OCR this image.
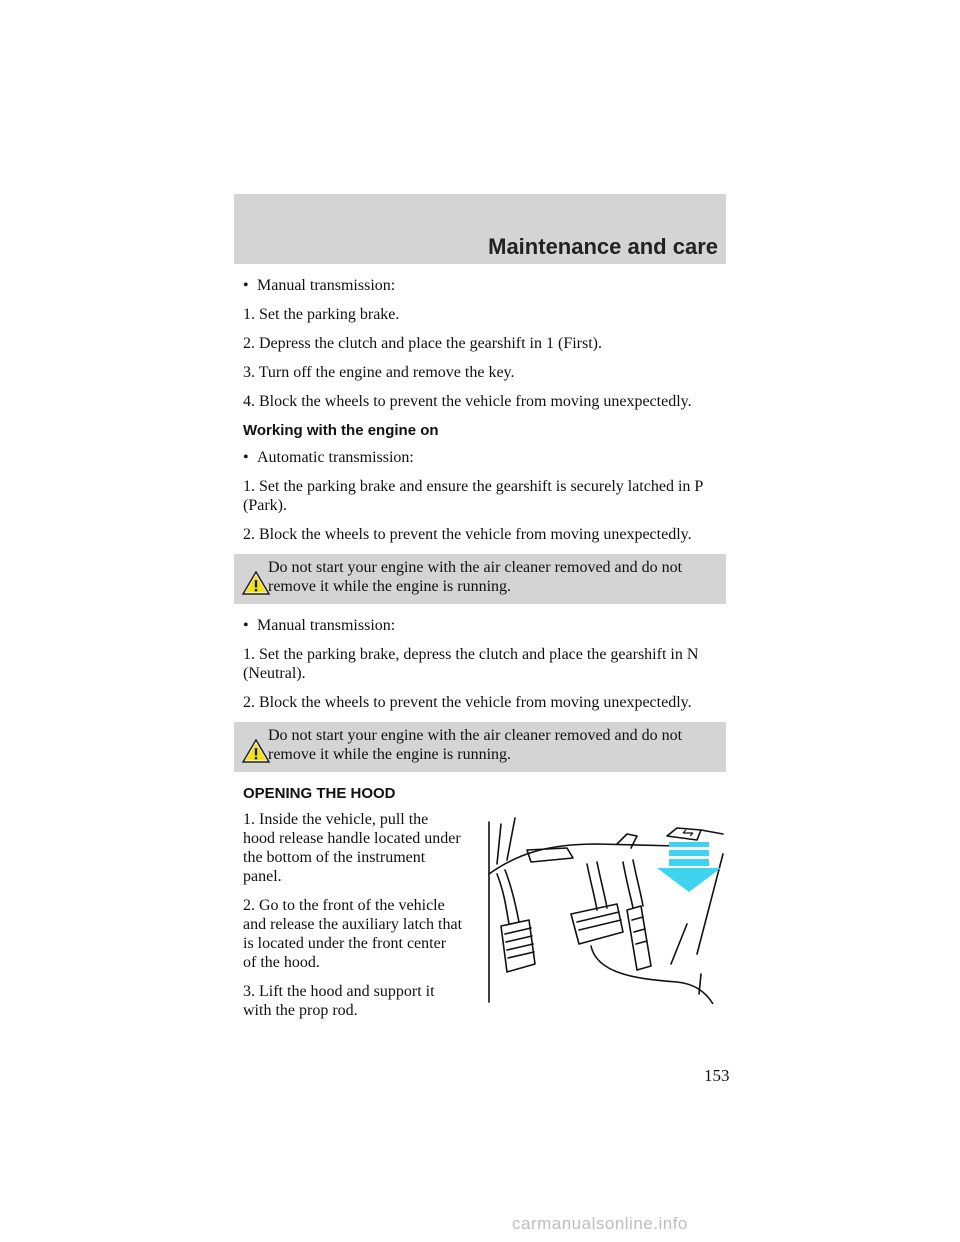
Maintenance and care
• Manual transmission:

1. Set the parking brake.

2. Depress the clutch and place the gearshift in 1 (First).

3. Turn off the engine and remove the key.

4. Block the wheels to prevent the vehicle from moving unexpectedly.

Working with the engine on
• Automatic transmission:

1. Set the parking brake and ensure the gearshift is securely latched in P (Park).

2. Block the wheels to prevent the vehicle from moving unexpectedly.

Do not start your engine with the air cleaner removed and do not remove it while the engine is running.
• Manual transmission:

1. Set the parking brake, depress the clutch and place the gearshift in N (Neutral).

2. Block the wheels to prevent the vehicle from moving unexpectedly.

Do not start your engine with the air cleaner removed and do not remove it while the engine is running.
OPENING THE HOOD

1. Inside the vehicle, pull the hood release handle located under the bottom of the instrument panel.

2. Go to the front of the vehicle and release the auxiliary latch that is located under the front center of the hood.

3. Lift the hood and support it with the prop rod.

153
carmanualsonline.info
